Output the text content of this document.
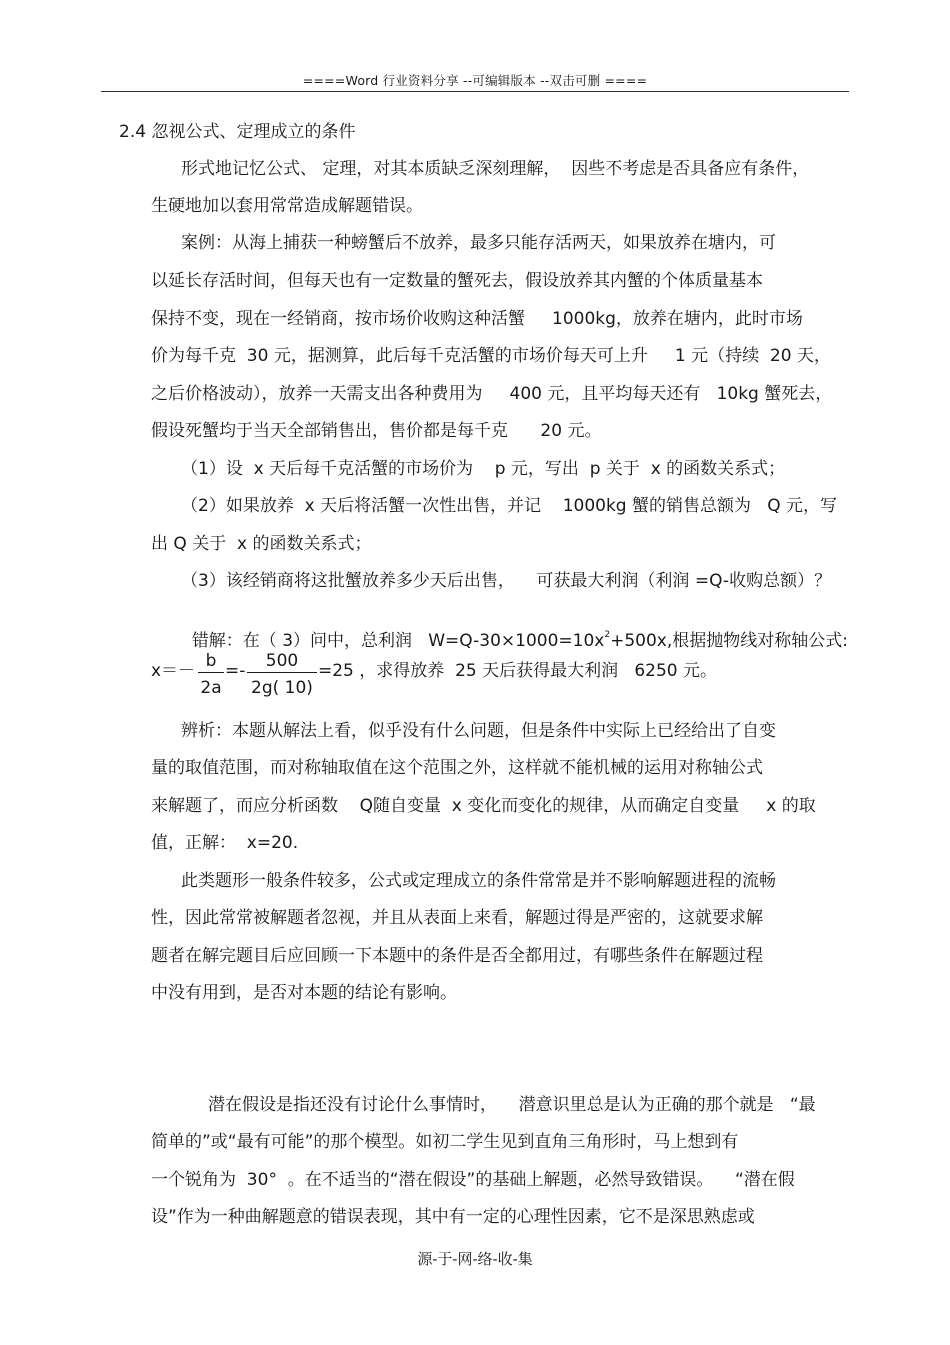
====Word 行业资料分享 --可编辑版本 --双击可删 ====
2.4 忽视公式、定理成立的条件
形式地记忆公式、 定理，对其本质缺乏深刻理解，  因些不考虑是否具备应有条件，
生硬地加以套用常常造成解题错误。
案例：从海上捕获一种螃蟹后不放养，最多只能存活两天，如果放养在塘内，可
以延长存活时间，但每天也有一定数量的蟹死去，假设放养其内蟹的个体质量基本
保持不变，现在一经销商，按市场价收购这种活蟹     1000kg，放养在塘内，此时市场
价为每千克  30 元，据测算，此后每千克活蟹的市场价每天可上升     1 元（持续  20 天，
之后价格波动），放养一天需支出各种费用为     400 元，且平均每天还有   10kg 蟹死去，
假设死蟹均于当天全部销售出，售价都是每千克      20 元。
（1）设  x 天后每千克活蟹的市场价为    p 元，写出  p 关于  x 的函数关系式；
（2）如果放养  x 天后将活蟹一次性出售，并记    1000kg 蟹的销售总额为   Q 元，写
出 Q 关于  x 的函数关系式；
（3）该经销商将这批蟹放养多少天后出售，    可获最大利润（利润 =Q-收购总额）？

错解：在（ 3）问中，总利润   $W=Q-30\times 1000=10x^2+500x$,根据抛物线对称轴公式:

x＝－ b
2a
=-	500
2g( 10)
=25 ，求得放养  25 天后获得最大利润   6250 元。
辨析：本题从解法上看，似乎没有什么问题，但是条件中实际上已经给出了自变
量的取值范围，而对称轴取值在这个范围之外，这样就不能机械的运用对称轴公式
来解题了，而应分析函数    Q随自变量  x 变化而变化的规律，从而确定自变量     x 的取
值，正解：  x=20.
此类题形一般条件较多，公式或定理成立的条件常常是并不影响解题进程的流畅
性，因此常常被解题者忽视，并且从表面上来看，解题过得是严密的，这就要求解
题者在解完题目后应回顾一下本题中的条件是否全都用过，有哪些条件在解题过程
中没有用到，是否对本题的结论有影响。
潜在假设是指还没有讨论什么事情时，    潜意识里总是认为正确的那个就是   “最
简单的”或“最有可能”的那个模型。如初二学生见到直角三角形时，马上想到有
一个锐角为  30°  。在不适当的“潜在假设”的基础上解题，必然导致错误。    “潜在假
设”作为一种曲解题意的错误表现，其中有一定的心理性因素，它不是深思熟虑或
源-于-网-络-收-集
